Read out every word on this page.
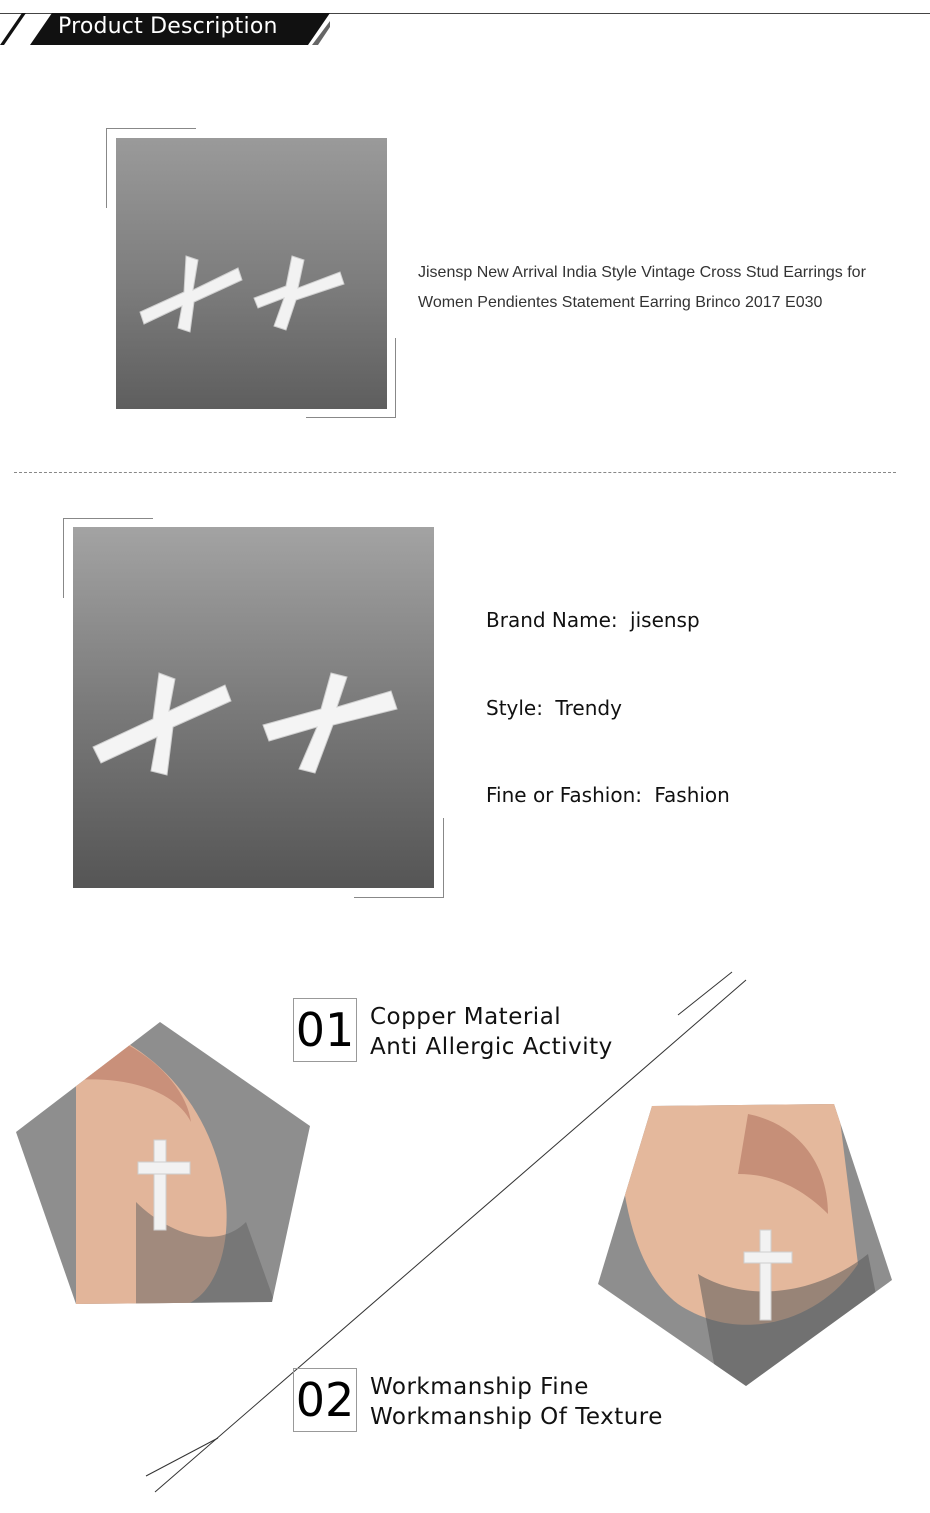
Product Description
Jisensp New Arrival India Style Vintage Cross Stud Earrings for Women Pendientes Statement Earring Brinco 2017 E030
Brand Name: jisensp
Style: Trendy
Fine or Fashion: Fashion
01 Copper Material
Anti Allergic Activity
02 Workmanship Fine
Workmanship Of Texture
